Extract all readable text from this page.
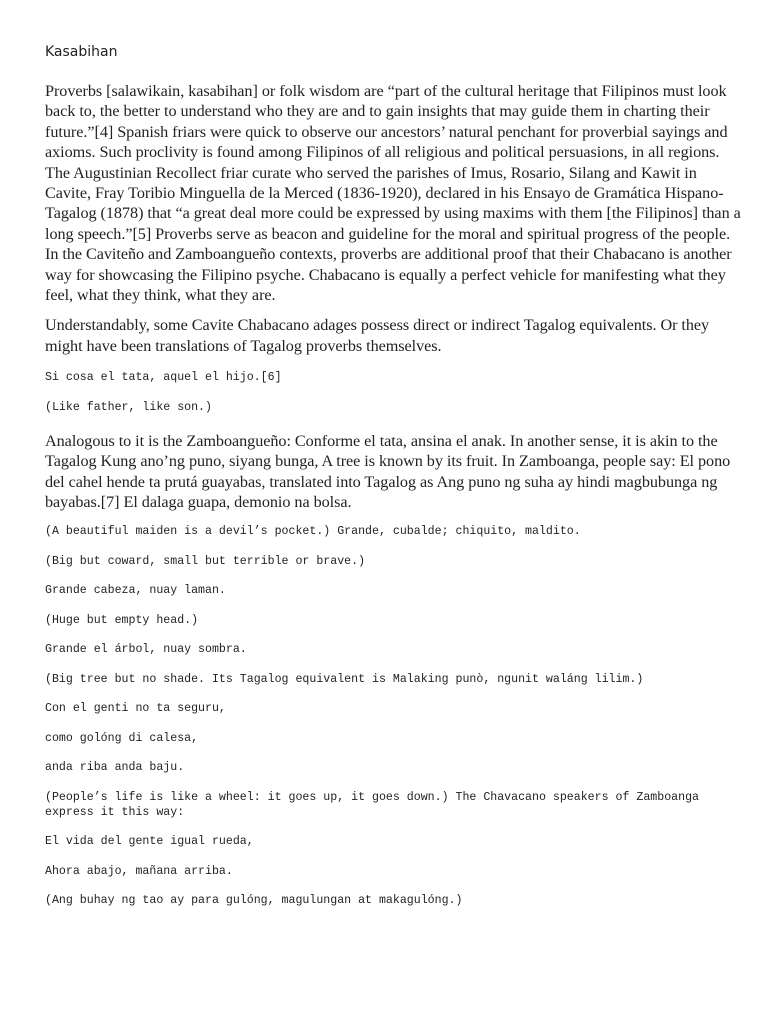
Kasabihan

Proverbs [salawikain, kasabihan] or folk wisdom are “part of the cultural heritage that Filipinos must look back to, the better to understand who they are and to gain insights that may guide them in charting their future.”[4] Spanish friars were quick to observe our ancestors’ natural penchant for proverbial sayings and axioms. Such proclivity is found among Filipinos of all religious and political persuasions, in all regions. The Augustinian Recollect friar curate who served the parishes of Imus, Rosario, Silang and Kawit in Cavite, Fray Toribio Minguella de la Merced (1836-1920), declared in his Ensayo de Gramática Hispano-Tagalog (1878) that “a great deal more could be expressed by using maxims with them [the Filipinos] than a long speech.”[5] Proverbs serve as beacon and guideline for the moral and spiritual progress of the people. In the Caviteño and Zamboangueño contexts, proverbs are additional proof that their Chabacano is another way for showcasing the Filipino psyche. Chabacano is equally a perfect vehicle for manifesting what they feel, what they think, what they are.

Understandably, some Cavite Chabacano adages possess direct or indirect Tagalog equivalents. Or they might have been translations of Tagalog proverbs themselves.

Si cosa el tata, aquel el hijo.[6]
(Like father, like son.)

Analogous to it is the Zamboangueño: Conforme el tata, ansina el anak. In another sense, it is akin to the Tagalog Kung ano’ng puno, siyang bunga, A tree is known by its fruit. In Zamboanga, people say: El pono del cahel hende ta prutá guayabas, translated into Tagalog as Ang puno ng suha ay hindi magbubunga ng bayabas.[7] El dalaga guapa, demonio na bolsa.

(A beautiful maiden is a devil’s pocket.) Grande, cubalde; chiquito, maldito.
(Big but coward, small but terrible or brave.)
Grande cabeza, nuay laman.
(Huge but empty head.)
Grande el árbol, nuay sombra.
(Big tree but no shade. Its Tagalog equivalent is Malaking punò, ngunit waláng lilim.)
Con el genti no ta seguru,
como golóng di calesa,
anda riba anda baju.
(People’s life is like a wheel: it goes up, it goes down.) The Chavacano speakers of Zamboanga express it this way:
El vida del gente igual rueda,
Ahora abajo, mañana arriba.
(Ang buhay ng tao ay para gulóng, magulungan at makagulóng.)
